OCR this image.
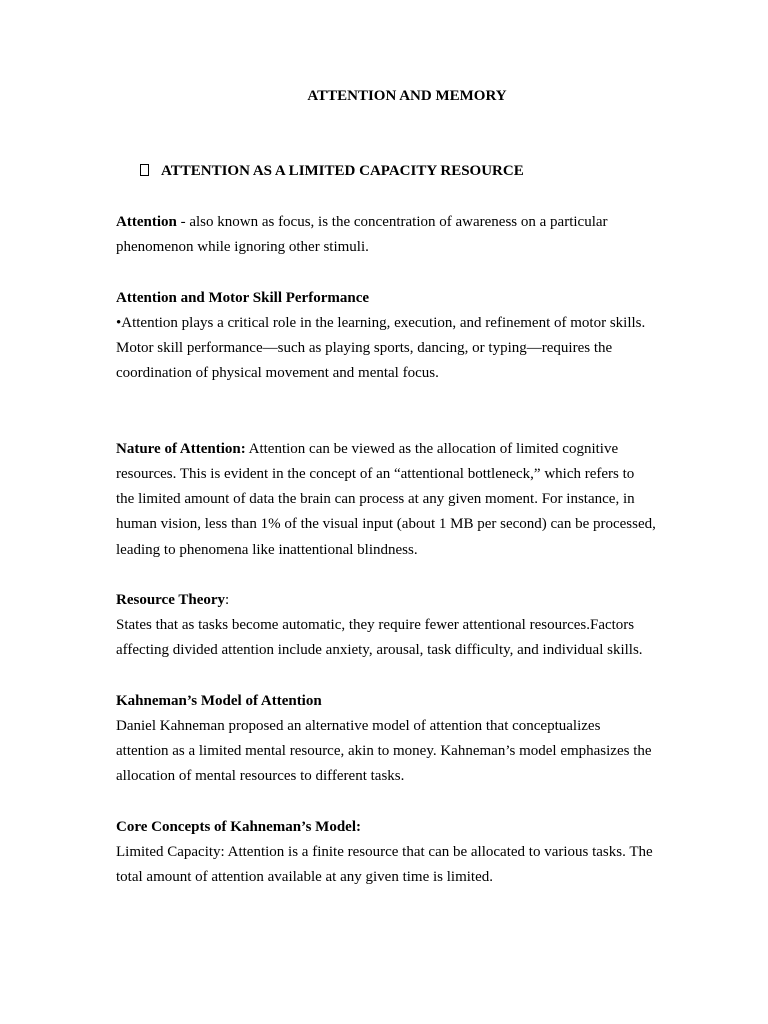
ATTENTION AND MEMORY
ATTENTION AS A LIMITED CAPACITY RESOURCE

Attention - also known as focus, is the concentration of awareness on a particular phenomenon while ignoring other stimuli.

Attention and Motor Skill Performance

•Attention plays a critical role in the learning, execution, and refinement of motor skills. Motor skill performance—such as playing sports, dancing, or typing—requires the coordination of physical movement and mental focus.

Nature of Attention: Attention can be viewed as the allocation of limited cognitive resources. This is evident in the concept of an “attentional bottleneck,” which refers to the limited amount of data the brain can process at any given moment. For instance, in human vision, less than 1% of the visual input (about 1 MB per second) can be processed, leading to phenomena like inattentional blindness.

Resource Theory:

States that as tasks become automatic, they require fewer attentional resources.Factors affecting divided attention include anxiety, arousal, task difficulty, and individual skills.

Kahneman’s Model of Attention

Daniel Kahneman proposed an alternative model of attention that conceptualizes attention as a limited mental resource, akin to money. Kahneman’s model emphasizes the allocation of mental resources to different tasks.

Core Concepts of Kahneman’s Model:

Limited Capacity: Attention is a finite resource that can be allocated to various tasks. The total amount of attention available at any given time is limited.
